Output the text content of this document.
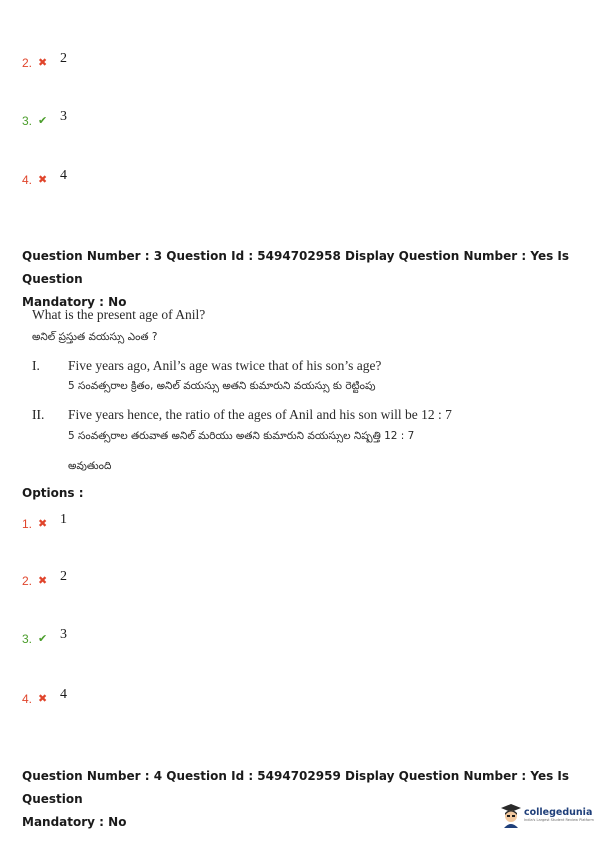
2. ✖ 2
3. ✔ 3
4. ✖ 4
Question Number : 3 Question Id : 5494702958 Display Question Number : Yes Is Question
Mandatory : No
What is the present age of Anil?
అనిల్ ప్రస్తుత వయస్సు ఎంత ?
I. Five years ago, Anil’s age was twice that of his son’s age?
5 సంవత్సరాల క్రితం, అనిల్ వయస్సు అతని కుమారుని వయస్సు కు రెట్టింపు
II. Five years hence, the ratio of the ages of Anil and his son will be 12 : 7
5 సంవత్సరాల తరువాత అనిల్ మరియు అతని కుమారుని వయస్సుల నిష్పత్తి 12 : 7
అవుతుంది
Options :
1. ✖ 1
2. ✖ 2
3. ✔ 3
4. ✖ 4
Question Number : 4 Question Id : 5494702959 Display Question Number : Yes Is Question
Mandatory : No
collegedunia
India's Largest Student Review Platform
